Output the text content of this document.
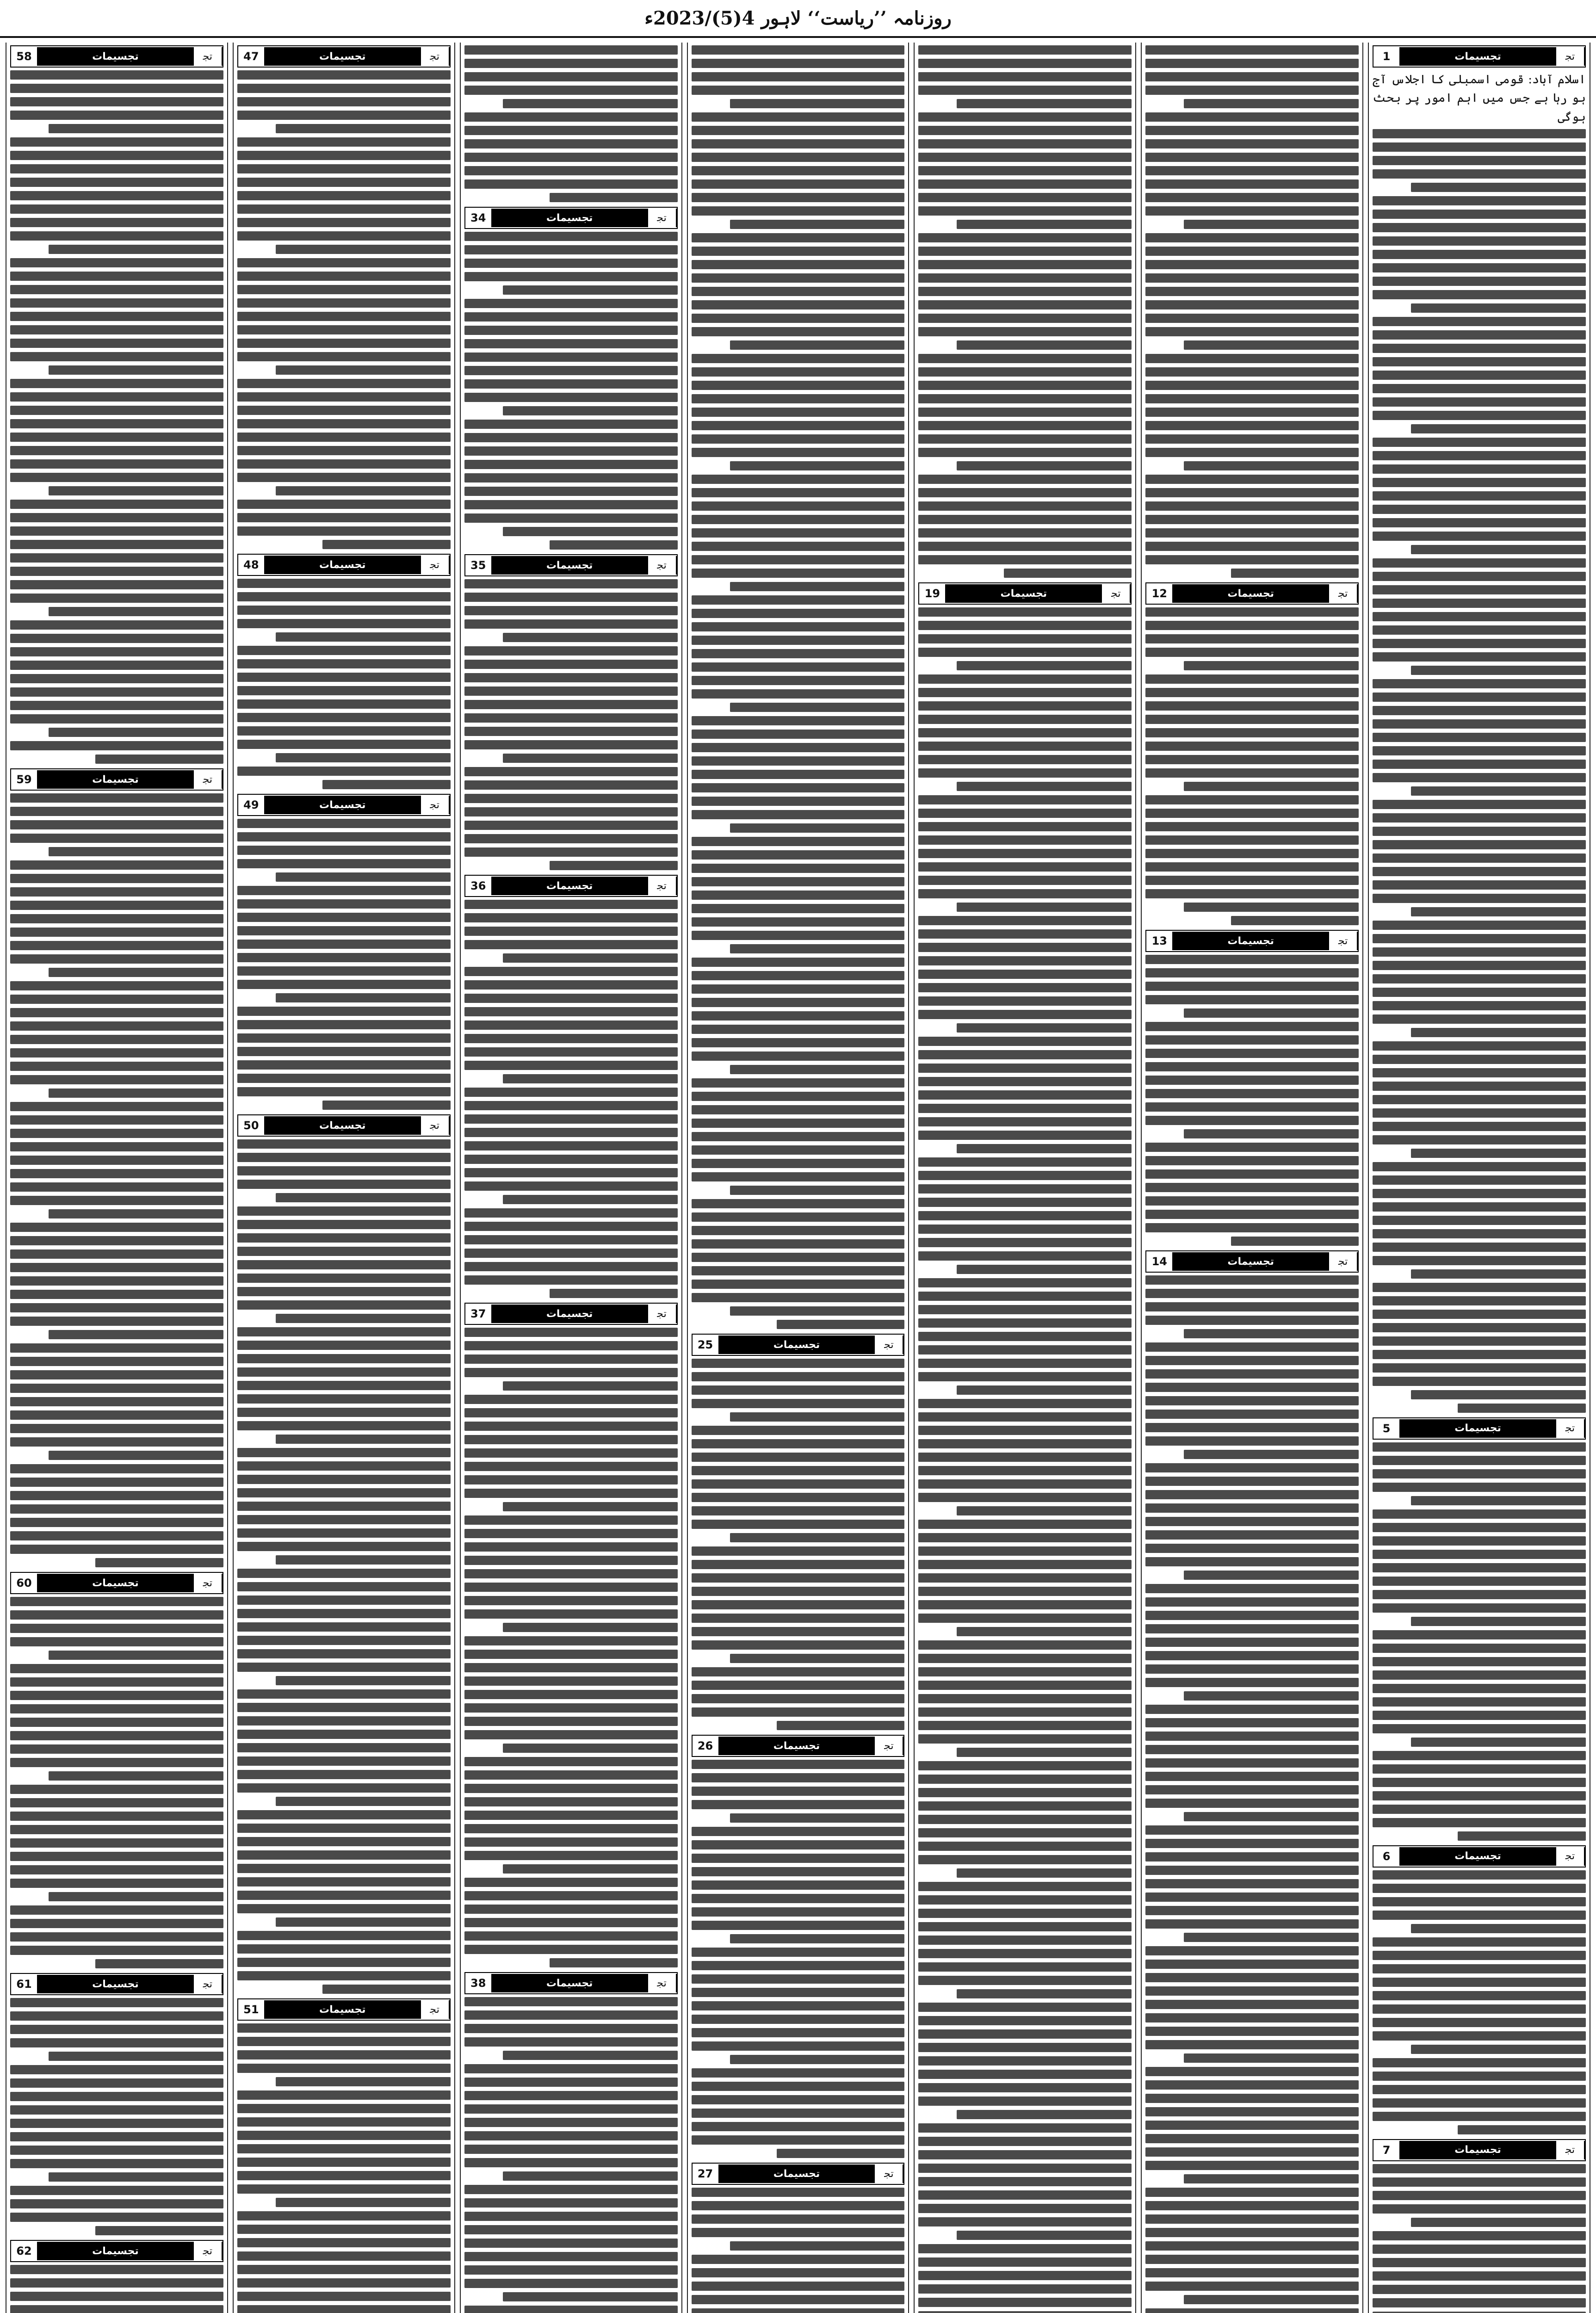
روزنامہ ’’ریاست‘‘ لاہور 4(5)/2023ء
1	تجسیمات	ﺗﺠ
اسلام آباد: قومی اسمبلی کا اجلاس آج ہو رہا ہے جس میں اہم امور پر بحث ہوگی
5	تجسیمات	ﺗﺠ
6	تجسیمات	ﺗﺠ
7	تجسیمات	ﺗﺠ
12	تجسیمات	ﺗﺠ
13	تجسیمات	ﺗﺠ
14	تجسیمات	ﺗﺠ
19	تجسیمات	ﺗﺠ
25	تجسیمات	ﺗﺠ
26	تجسیمات	ﺗﺠ
27	تجسیمات	ﺗﺠ
34	تجسیمات	ﺗﺠ
35	تجسیمات	ﺗﺠ
36	تجسیمات	ﺗﺠ
37	تجسیمات	ﺗﺠ
38	تجسیمات	ﺗﺠ
47	تجسیمات	ﺗﺠ
48	تجسیمات	ﺗﺠ
49	تجسیمات	ﺗﺠ
50	تجسیمات	ﺗﺠ
51	تجسیمات	ﺗﺠ
58	تجسیمات	ﺗﺠ
59	تجسیمات	ﺗﺠ
60	تجسیمات	ﺗﺠ
61	تجسیمات	ﺗﺠ
62	تجسیمات	ﺗﺠ
